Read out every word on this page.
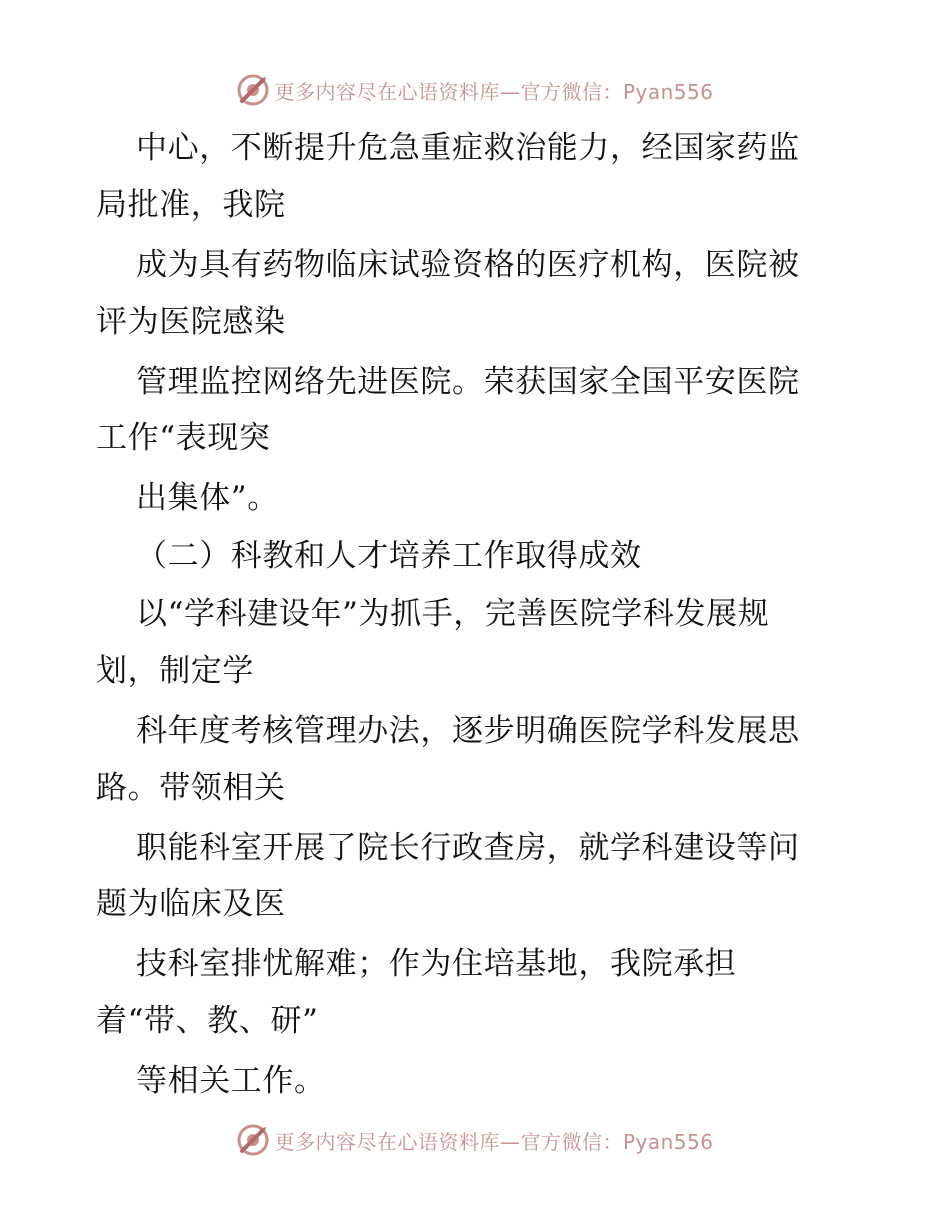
更多内容尽在心语资料库—官方微信：Pyan556
中心，不断提升危急重症救治能力，经国家药监
局批准，我院
成为具有药物临床试验资格的医疗机构，医院被
评为医院感染
管理监控网络先进医院。荣获国家全国平安医院
工作“表现突
出集体”。
（二）科教和人才培养工作取得成效
以“学科建设年”为抓手，完善医院学科发展规
划，制定学
科年度考核管理办法，逐步明确医院学科发展思
路。带领相关
职能科室开展了院长行政查房，就学科建设等问
题为临床及医
技科室排忧解难；作为住培基地，我院承担
着“带、教、研”
等相关工作。
更多内容尽在心语资料库—官方微信：Pyan556
